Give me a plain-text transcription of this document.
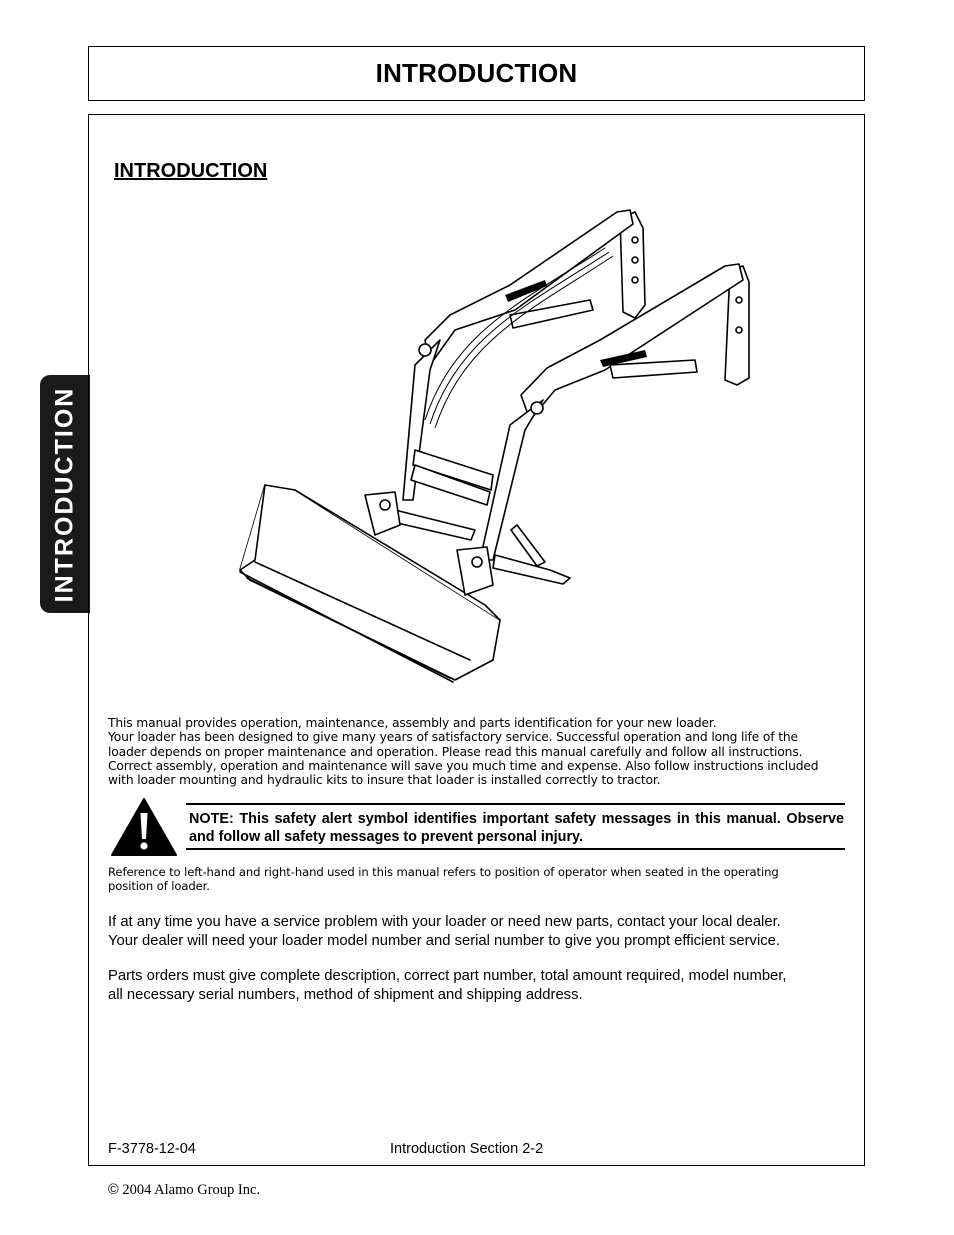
INTRODUCTION
INTRODUCTION
INTRODUCTION
This manual provides operation, maintenance, assembly and parts identification for your new loader.
Your loader has been designed to give many years of satisfactory service. Successful operation and long life of the
loader depends on proper maintenance and operation. Please read this manual carefully and follow all instructions.
Correct assembly, operation and maintenance will save you much time and expense. Also follow instructions included
with loader mounting and hydraulic kits to insure that loader is installed correctly to tractor.
NOTE: This safety alert symbol identifies important safety messages in this manual. Observe and follow all safety messages to prevent personal injury.
Reference to left-hand and right-hand used in this manual refers to position of operator when seated in the operating
position of loader.
If at any time you have a service problem with your loader or need new parts, contact your local dealer.
Your dealer will need your loader model number and serial number to give you prompt efficient service.
Parts orders must give complete description, correct part number, total amount required, model number,
all necessary serial numbers, method of shipment and shipping address.
F-3778-12-04	Introduction Section 2-2
© 2004 Alamo Group Inc.
